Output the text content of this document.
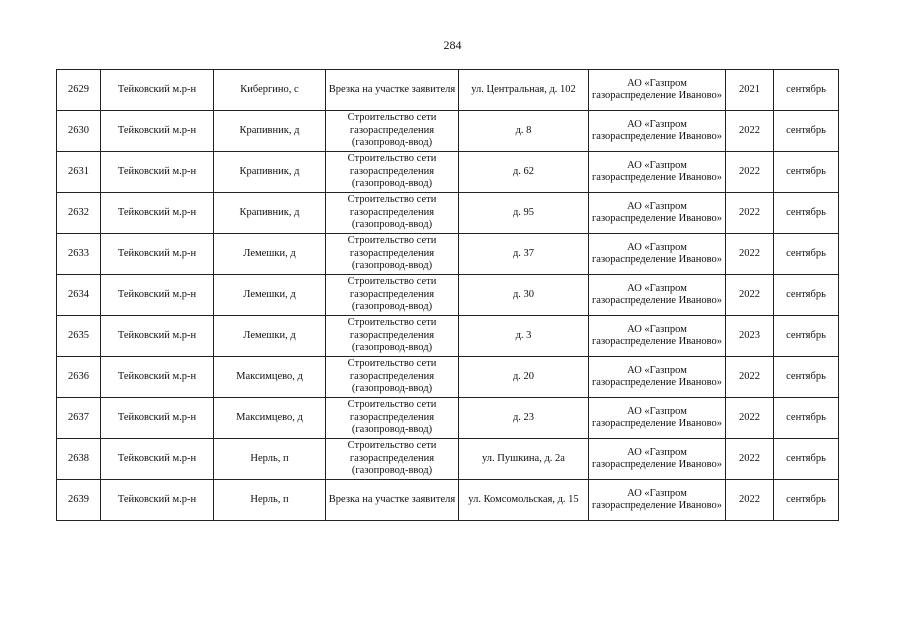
284
2629	Тейковский м.р-н	Кибергино, с	Врезка на участке заявителя	ул. Центральная, д. 102	АО «Газпром газораспределение Иваново»	2021	сентябрь
2630	Тейковский м.р-н	Крапивник, д	Строительство сети газораспределения (газопровод-ввод)	д. 8	АО «Газпром газораспределение Иваново»	2022	сентябрь
2631	Тейковский м.р-н	Крапивник, д	Строительство сети газораспределения (газопровод-ввод)	д. 62	АО «Газпром газораспределение Иваново»	2022	сентябрь
2632	Тейковский м.р-н	Крапивник, д	Строительство сети газораспределения (газопровод-ввод)	д. 95	АО «Газпром газораспределение Иваново»	2022	сентябрь
2633	Тейковский м.р-н	Лемешки, д	Строительство сети газораспределения (газопровод-ввод)	д. 37	АО «Газпром газораспределение Иваново»	2022	сентябрь
2634	Тейковский м.р-н	Лемешки, д	Строительство сети газораспределения (газопровод-ввод)	д. 30	АО «Газпром газораспределение Иваново»	2022	сентябрь
2635	Тейковский м.р-н	Лемешки, д	Строительство сети газораспределения (газопровод-ввод)	д. 3	АО «Газпром газораспределение Иваново»	2023	сентябрь
2636	Тейковский м.р-н	Максимцево, д	Строительство сети газораспределения (газопровод-ввод)	д. 20	АО «Газпром газораспределение Иваново»	2022	сентябрь
2637	Тейковский м.р-н	Максимцево, д	Строительство сети газораспределения (газопровод-ввод)	д. 23	АО «Газпром газораспределение Иваново»	2022	сентябрь
2638	Тейковский м.р-н	Нерль, п	Строительство сети газораспределения (газопровод-ввод)	ул. Пушкина, д. 2а	АО «Газпром газораспределение Иваново»	2022	сентябрь
2639	Тейковский м.р-н	Нерль, п	Врезка на участке заявителя	ул. Комсомольская, д. 15	АО «Газпром газораспределение Иваново»	2022	сентябрь
